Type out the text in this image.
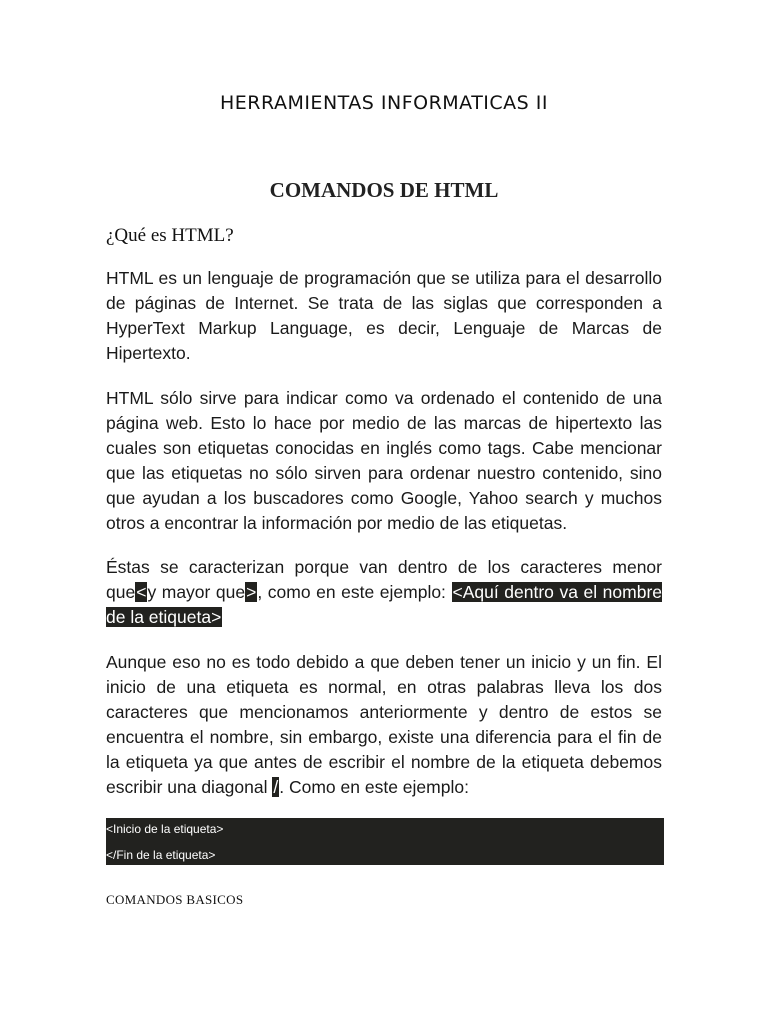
HERRAMIENTAS INFORMATICAS II
COMANDOS DE HTML
¿Qué es HTML?
HTML es un lenguaje de programación que se utiliza para el desarrollo de páginas de Internet. Se trata de las siglas que corresponden a HyperText Markup Language, es decir, Lenguaje de Marcas de Hipertexto.
HTML sólo sirve para indicar como va ordenado el contenido de una página web. Esto lo hace por medio de las marcas de hipertexto las cuales son etiquetas conocidas en inglés como tags. Cabe mencionar que las etiquetas no sólo sirven para ordenar nuestro contenido, sino que ayudan a los buscadores como Google, Yahoo search y muchos otros a encontrar la información por medio de las etiquetas.
Éstas se caracterizan porque van dentro de los caracteres menor que<y mayor que>, como en este ejemplo: <Aquí dentro va el nombre de la etiqueta>
Aunque eso no es todo debido a que deben tener un inicio y un fin. El inicio de una etiqueta es normal, en otras palabras lleva los dos caracteres que mencionamos anteriormente y dentro de estos se encuentra el nombre, sin embargo, existe una diferencia para el fin de la etiqueta ya que antes de escribir el nombre de la etiqueta debemos escribir una diagonal /. Como en este ejemplo:
<Inicio de la etiqueta>
</Fin de la etiqueta>
COMANDOS BASICOS
